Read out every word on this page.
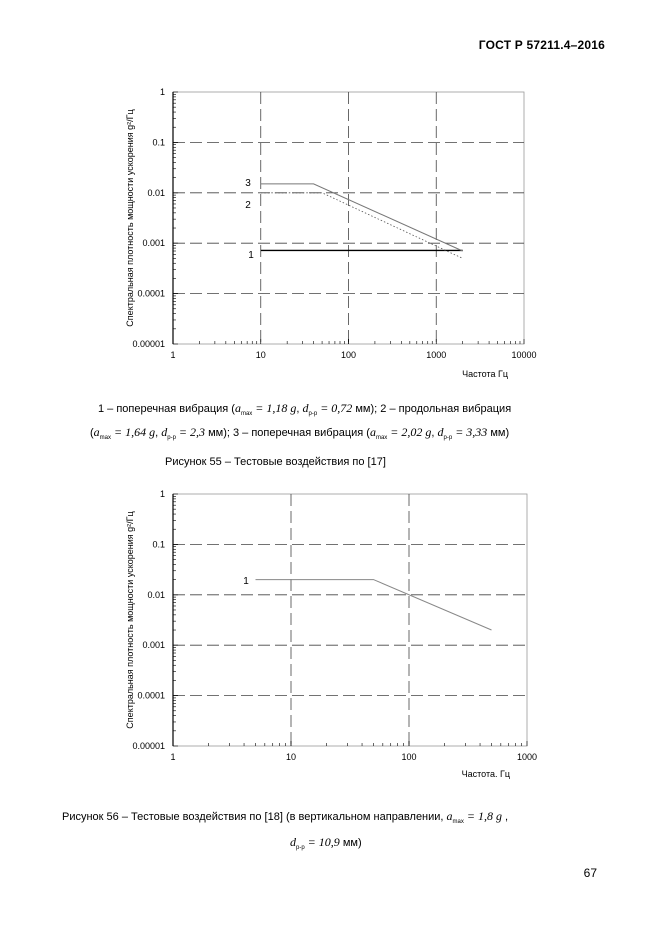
ГОСТ Р 57211.4–2016
1	10	100	1000	10000
0.00001
0.0001
0.001
0.01
0.1
1
Частота Гц
Спектральная плотность мощности ускорения g²/Гц	1
2
3
1 – поперечная вибрация ($a_{max} = 1,18$ g, $d_{p-p} = 0,72$ мм); 2 – продольная вибрация
($a_{max} = 1,64$ g, $d_{p-p} = 2,3$ мм); 3 – поперечная вибрация ($a_{max} = 2,02$ g, $d_{p-p} = 3,33$ мм)
Рисунок 55 – Тестовые воздействия по [17]
1	10	100	1000
0.00001
0.0001
0.001
0.01
0.1
1
Частота. Гц
Спектральная плотность мощности ускорения g²/Гц	1
Рисунок 56 – Тестовые воздействия по [18] (в вертикальном направлении, $a_{max} = 1,8$ g ,
$d_{p-p} = 10,9$ мм)
67
